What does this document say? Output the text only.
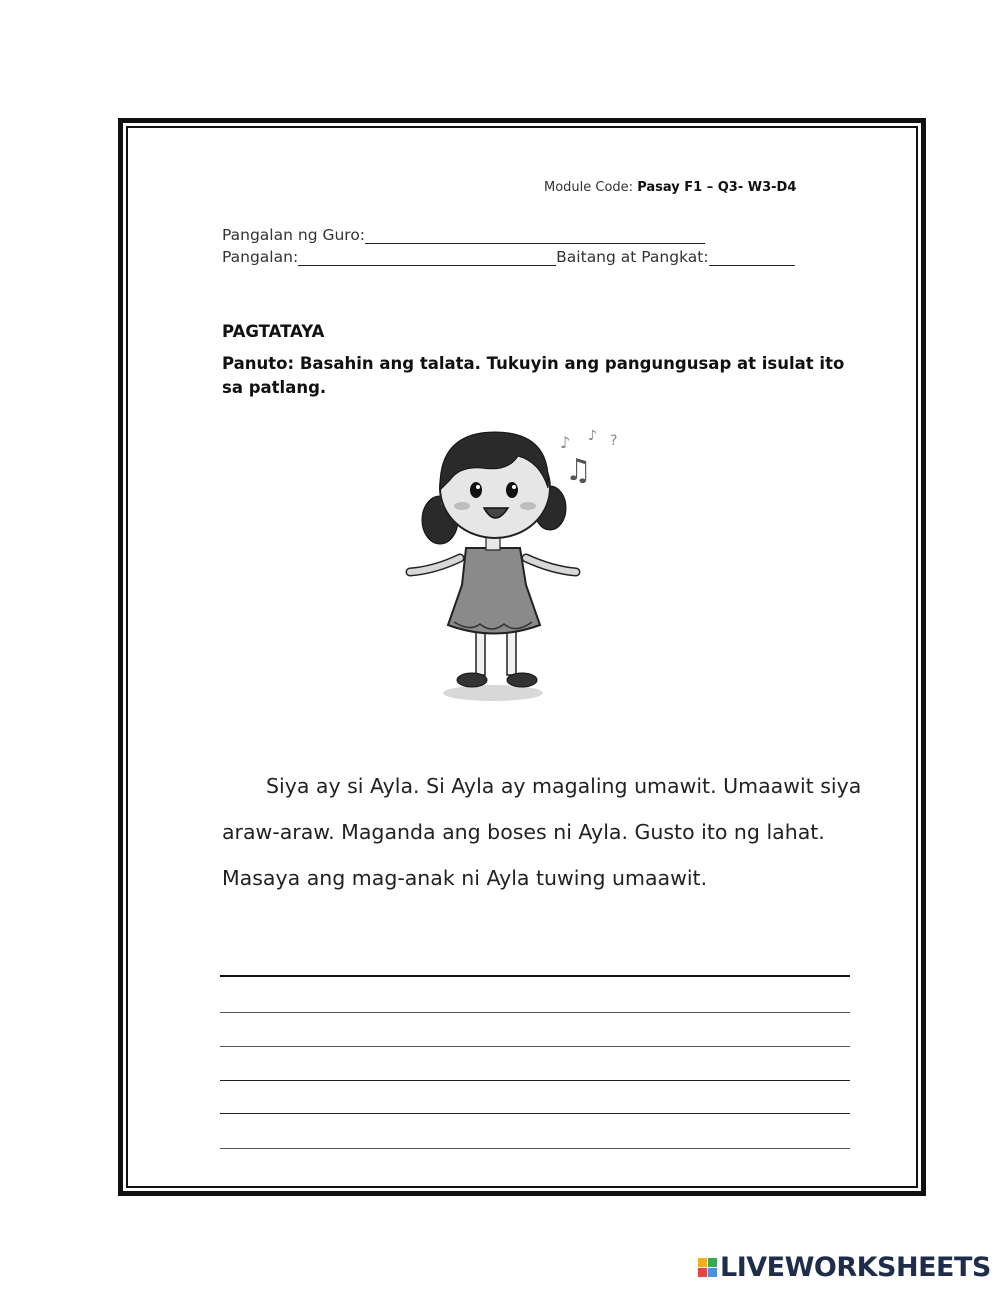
Module Code: Pasay F1 – Q3- W3-D4
Pangalan ng Guro:
Pangalan:	Baitang at Pangkat:
PAGTATAYA
Panuto: Basahin ang talata. Tukuyin ang pangungusap at isulat ito sa patlang.
♫
♪ ♪ ?

Siya ay si Ayla. Si Ayla ay magaling umawit. Umaawit siya araw-araw. Maganda ang boses ni Ayla. Gusto ito ng lahat. Masaya ang mag-anak ni Ayla tuwing umaawit.

LIVEWORKSHEETS
